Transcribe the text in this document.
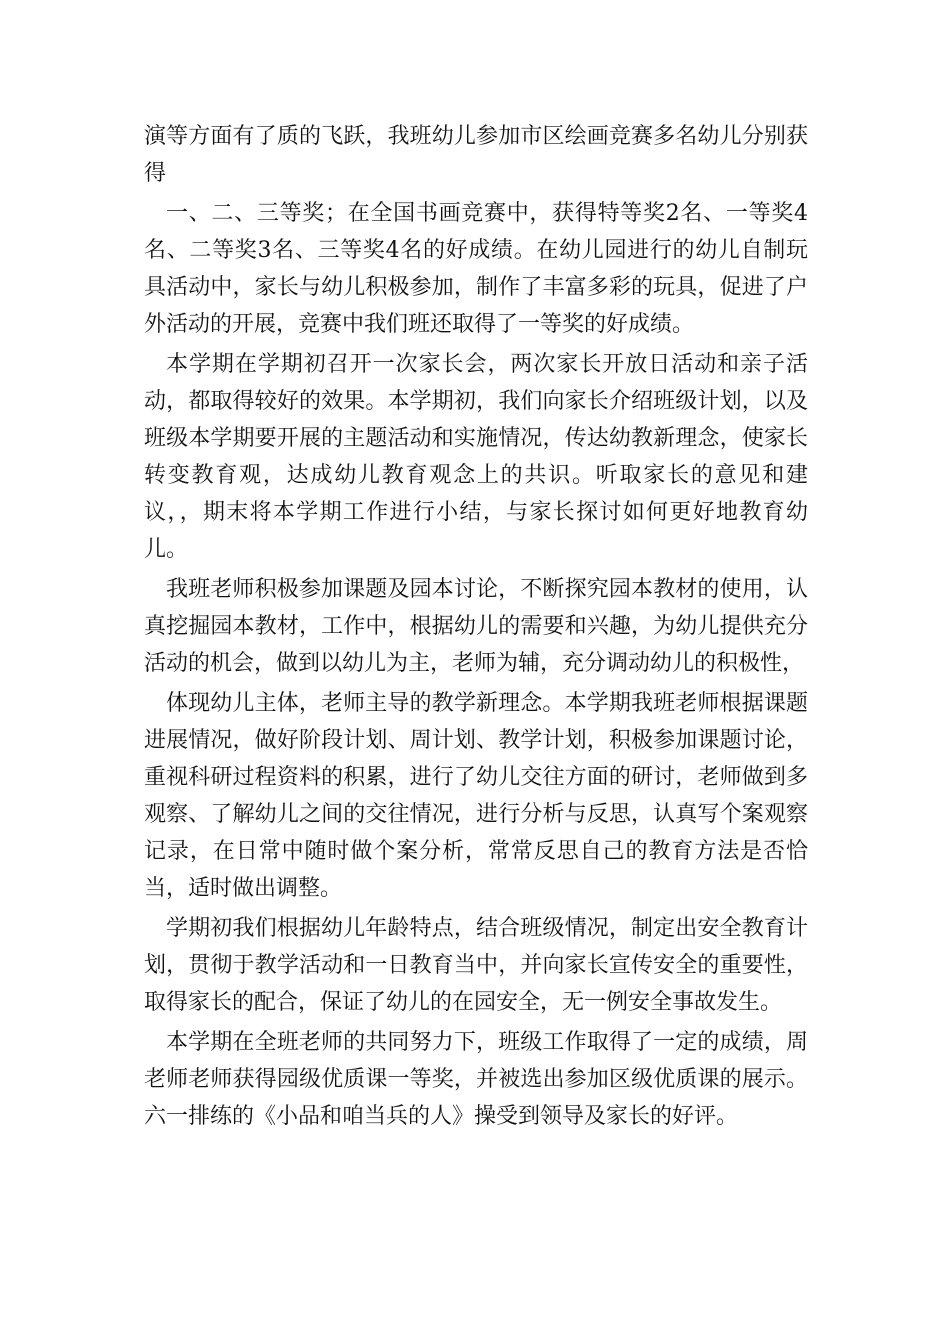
演等方面有了质的飞跃，我班幼儿参加市区绘画竞赛多名幼儿分别获得

一、二、三等奖；在全国书画竞赛中，获得特等奖2名、一等奖4名、二等奖3名、三等奖4名的好成绩。在幼儿园进行的幼儿自制玩具活动中，家长与幼儿积极参加，制作了丰富多彩的玩具，促进了户外活动的开展，竞赛中我们班还取得了一等奖的好成绩。

本学期在学期初召开一次家长会，两次家长开放日活动和亲子活动，都取得较好的效果。本学期初，我们向家长介绍班级计划，以及班级本学期要开展的主题活动和实施情况，传达幼教新理念，使家长转变教育观，达成幼儿教育观念上的共识。听取家长的意见和建议，，期末将本学期工作进行小结，与家长探讨如何更好地教育幼儿。

我班老师积极参加课题及园本讨论，不断探究园本教材的使用，认真挖掘园本教材，工作中，根据幼儿的需要和兴趣，为幼儿提供充分活动的机会，做到以幼儿为主，老师为辅，充分调动幼儿的积极性，

体现幼儿主体，老师主导的教学新理念。本学期我班老师根据课题进展情况，做好阶段计划、周计划、教学计划，积极参加课题讨论，重视科研过程资料的积累，进行了幼儿交往方面的研讨，老师做到多观察、了解幼儿之间的交往情况，进行分析与反思，认真写个案观察记录，在日常中随时做个案分析，常常反思自己的教育方法是否恰当，适时做出调整。

学期初我们根据幼儿年龄特点，结合班级情况，制定出安全教育计划，贯彻于教学活动和一日教育当中，并向家长宣传安全的重要性，取得家长的配合，保证了幼儿的在园安全，无一例安全事故发生。

本学期在全班老师的共同努力下，班级工作取得了一定的成绩，周老师老师获得园级优质课一等奖，并被选出参加区级优质课的展示。六一排练的《小品和咱当兵的人》操受到领导及家长的好评。
